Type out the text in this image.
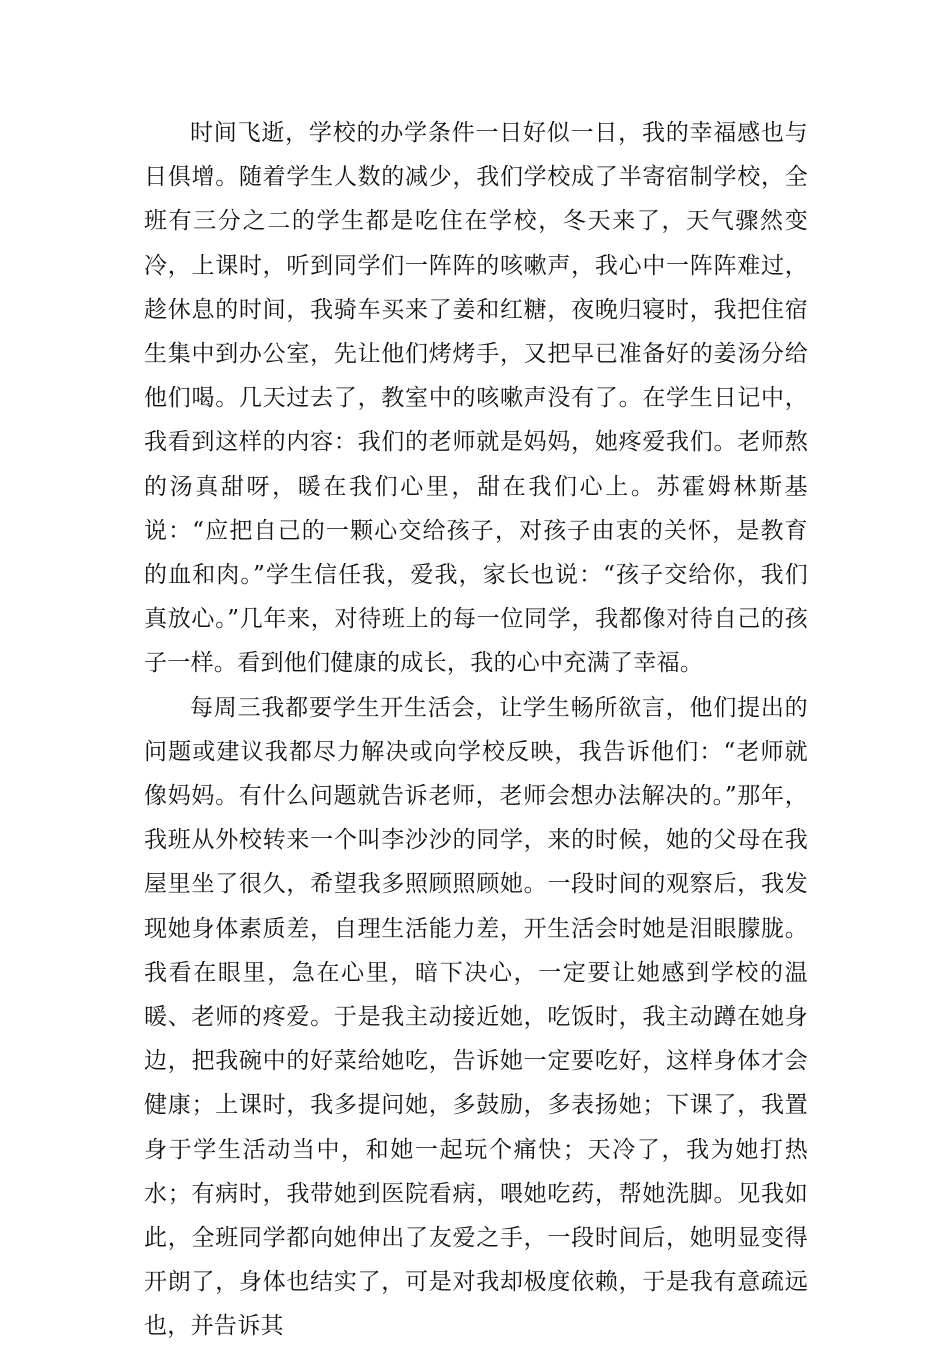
时间飞逝，学校的办学条件一日好似一日，我的幸福感也与日俱增。随着学生人数的减少，我们学校成了半寄宿制学校，全班有三分之二的学生都是吃住在学校，冬天来了，天气骤然变冷，上课时，听到同学们一阵阵的咳嗽声，我心中一阵阵难过，趁休息的时间，我骑车买来了姜和红糖，夜晚归寝时，我把住宿生集中到办公室，先让他们烤烤手，又把早已准备好的姜汤分给他们喝。几天过去了，教室中的咳嗽声没有了。在学生日记中，我看到这样的内容：我们的老师就是妈妈，她疼爱我们。老师熬的汤真甜呀，暖在我们心里，甜在我们心上。苏霍姆林斯基说：“应把自己的一颗心交给孩子，对孩子由衷的关怀，是教育的血和肉。”学生信任我，爱我，家长也说：“孩子交给你，我们真放心。”几年来，对待班上的每一位同学，我都像对待自己的孩子一样。看到他们健康的成长，我的心中充满了幸福。

每周三我都要学生开生活会，让学生畅所欲言，他们提出的问题或建议我都尽力解决或向学校反映，我告诉他们：“老师就像妈妈。有什么问题就告诉老师，老师会想办法解决的。”那年，我班从外校转来一个叫李沙沙的同学，来的时候，她的父母在我屋里坐了很久，希望我多照顾照顾她。一段时间的观察后，我发现她身体素质差，自理生活能力差，开生活会时她是泪眼朦胧。我看在眼里，急在心里，暗下决心，一定要让她感到学校的温暖、老师的疼爱。于是我主动接近她，吃饭时，我主动蹲在她身边，把我碗中的好菜给她吃，告诉她一定要吃好，这样身体才会健康；上课时，我多提问她，多鼓励，多表扬她；下课了，我置身于学生活动当中，和她一起玩个痛快；天冷了，我为她打热水；有病时，我带她到医院看病，喂她吃药，帮她洗脚。见我如此，全班同学都向她伸出了友爱之手，一段时间后，她明显变得开朗了，身体也结实了，可是对我却极度依赖，于是我有意疏远也，并告诉其
